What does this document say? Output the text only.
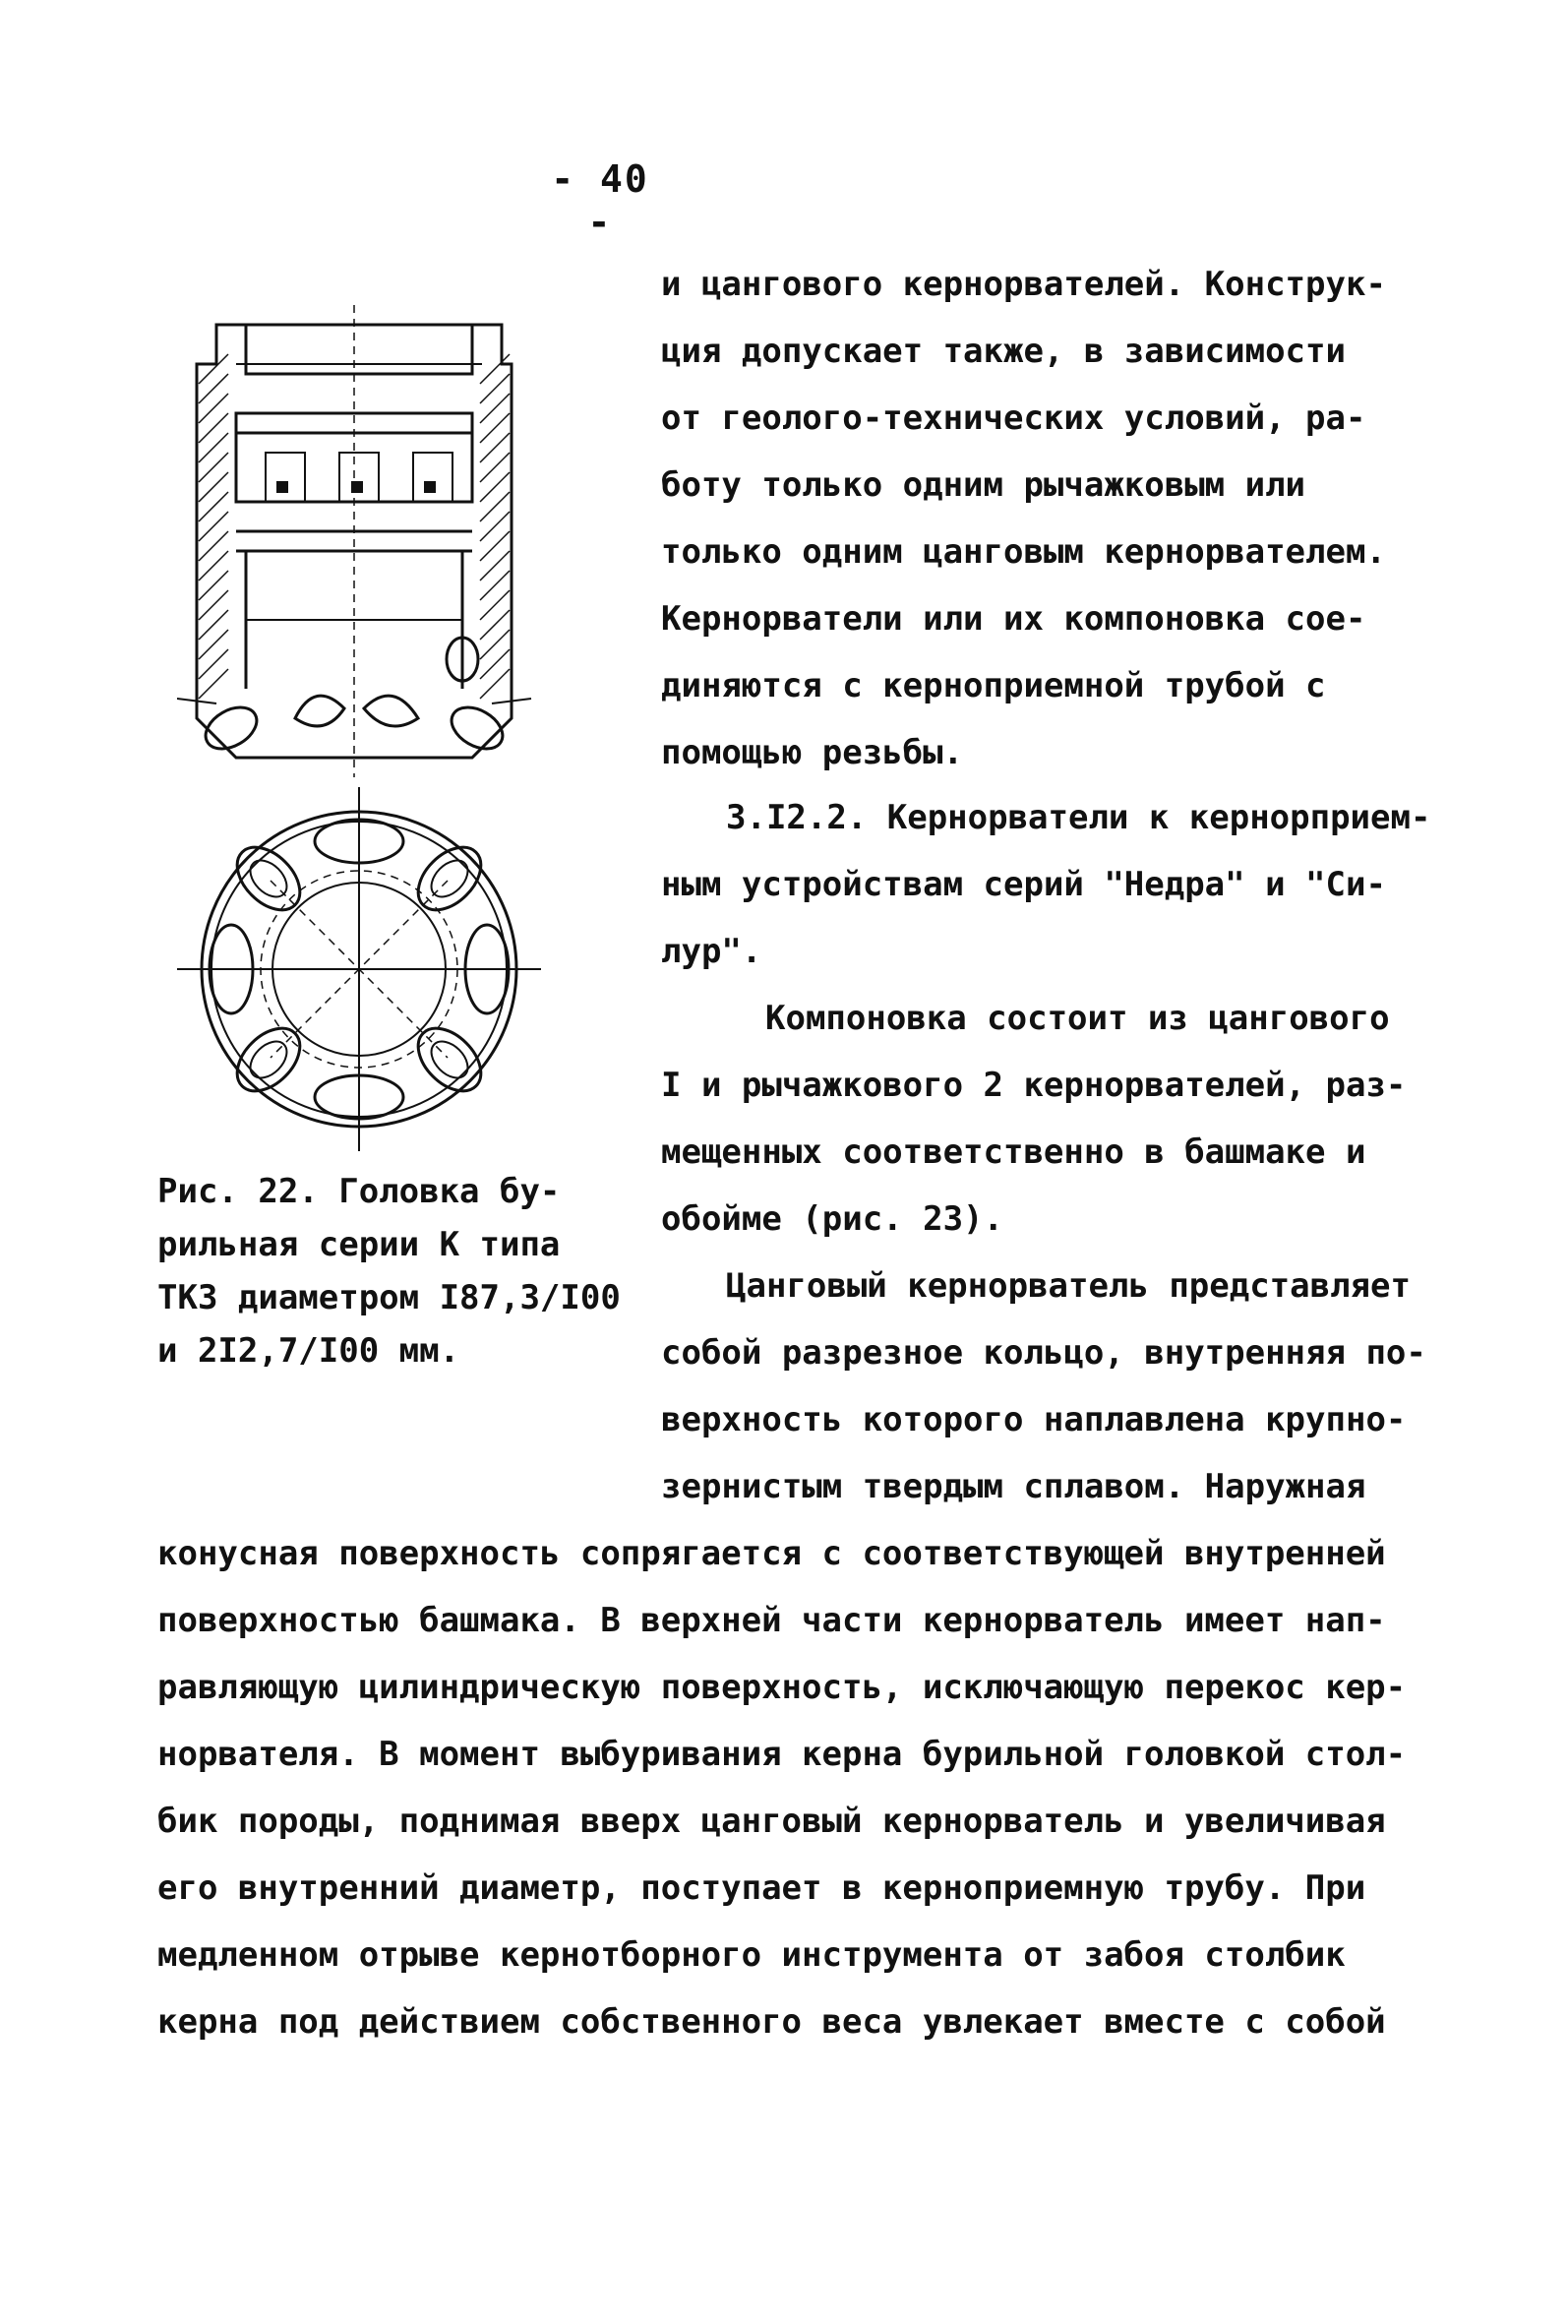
- 40 -
и цангового кернорвателей. Конструк-
ция допускает также, в зависимости
от геолого-технических условий, ра-
боту только одним рычажковым или
только одним цанговым кернорвателем.
Кернорватели или их компоновка сое-
диняются с керноприемной трубой с
помощью резьбы.
3.I2.2. Кернорватели к кернорприем-
ным устройствам серий "Недра" и "Си-
лур".
Компоновка состоит из цангового
I и рычажкового 2 кернорвателей, раз-
мещенных соответственно в башмаке и
обойме (рис. 23).
Цанговый кернорватель представляет
собой разрезное кольцо, внутренняя по-
верхность которого наплавлена крупно-
зернистым твердым сплавом. Наружная
Рис. 22. Головка бу-
рильная серии К типа
ТКЗ диаметром I87,3/I00
и 2I2,7/I00 мм.
конусная поверхность сопрягается с соответствующей внутренней
поверхностью башмака. В верхней части кернорватель имеет нап-
равляющую цилиндрическую поверхность, исключающую перекос кер-
норвателя. В момент выбуривания керна бурильной головкой стол-
бик породы, поднимая вверх цанговый кернорватель и увеличивая
его внутренний диаметр, поступает в керноприемную трубу. При
медленном отрыве кернотборного инструмента от забоя столбик
керна под действием собственного веса увлекает вместе с собой
